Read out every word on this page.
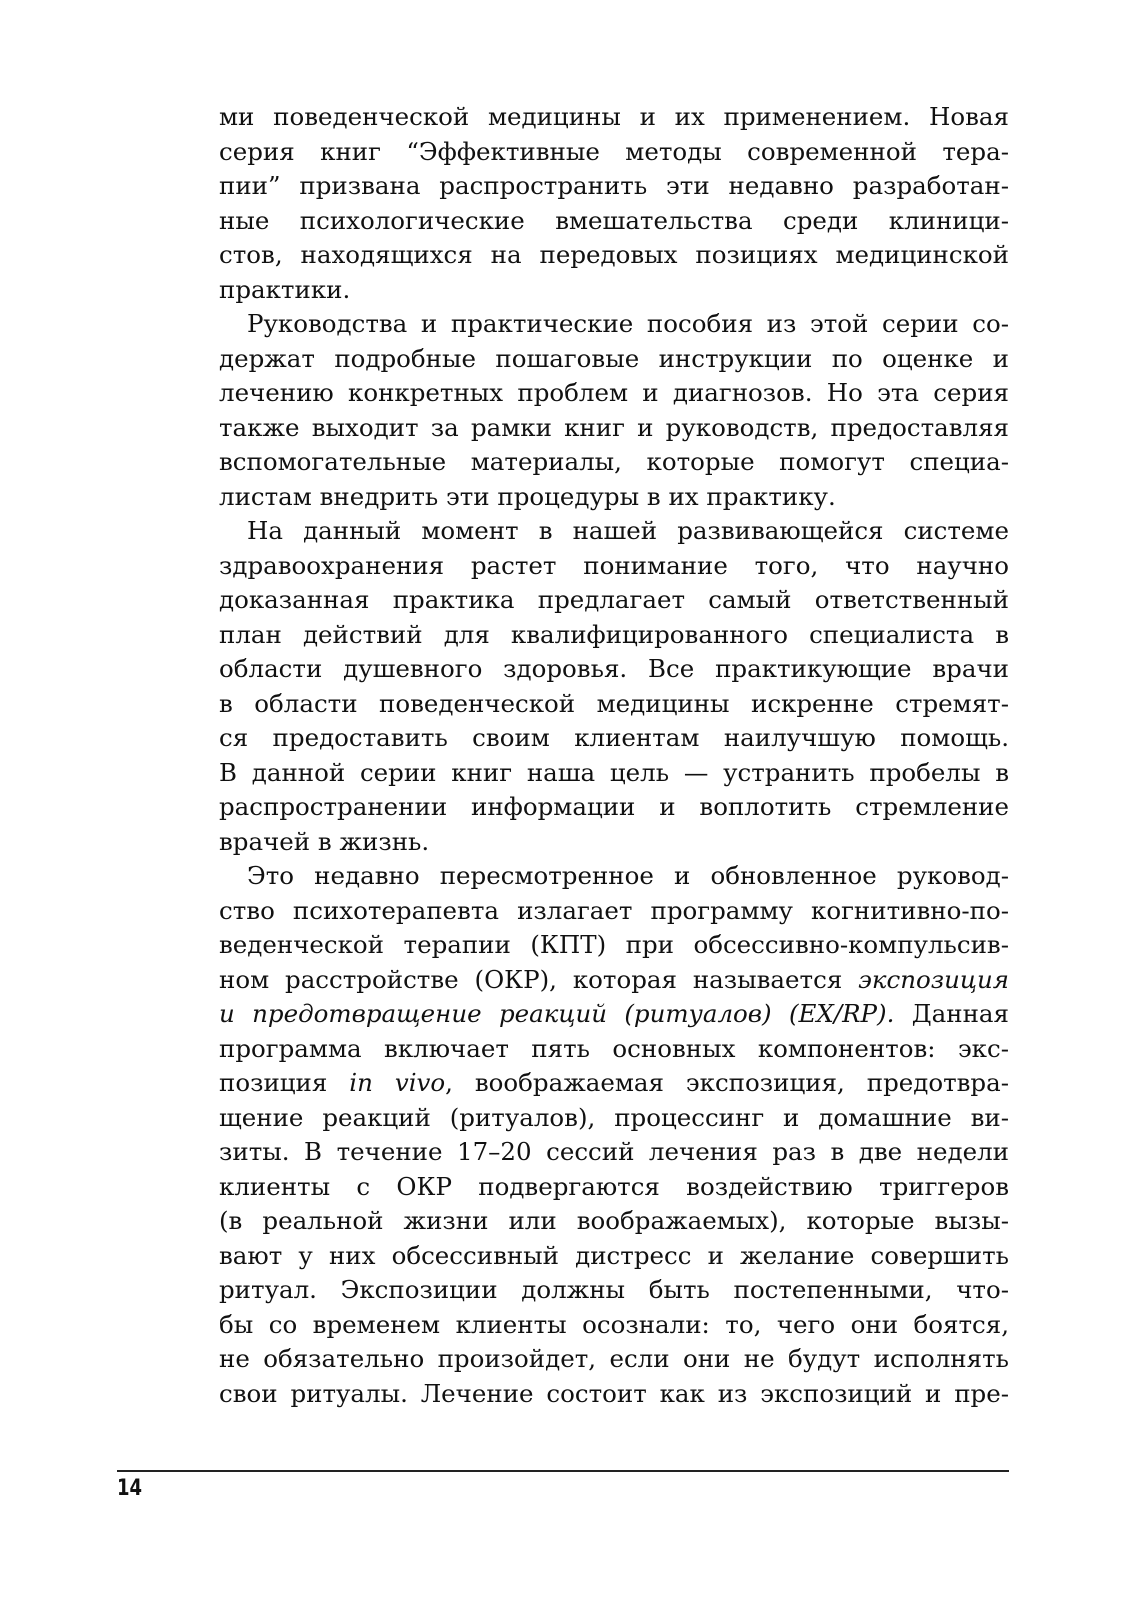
ми поведенческой медицины и их применением. Новая
серия книг “Эффективные методы современной тера-
пии” призвана распространить эти недавно разработан-
ные психологические вмешательства среди клиници-
стов, находящихся на передовых позициях медицинской
практики.
Руководства и практические пособия из этой серии со-
держат подробные пошаговые инструкции по оценке и
лечению конкретных проблем и диагнозов. Но эта серия
также выходит за рамки книг и руководств, предоставляя
вспомогательные материалы, которые помогут специа-
листам внедрить эти процедуры в их практику.
На данный момент в нашей развивающейся системе
здравоохранения растет понимание того, что научно
доказанная практика предлагает самый ответственный
план действий для квалифицированного специалиста в
области душевного здоровья. Все практикующие врачи
в области поведенческой медицины искренне стремят-
ся предоставить своим клиентам наилучшую помощь.
В данной серии книг наша цель — устранить пробелы в
распространении информации и воплотить стремление
врачей в жизнь.
Это недавно пересмотренное и обновленное руковод-
ство психотерапевта излагает программу когнитивно-по-
веденческой терапии (КПТ) при обсессивно-компульсив-
ном расстройстве (ОКР), которая называется экспозиция
и предотвращение реакций (ритуалов) (EX/RP). Данная
программа включает пять основных компонентов: экс-
позиция in vivo, воображаемая экспозиция, предотвра-
щение реакций (ритуалов), процессинг и домашние ви-
зиты. В течение 17–20 сессий лечения раз в две недели
клиенты с ОКР подвергаются воздействию триггеров
(в реальной жизни или воображаемых), которые вызы-
вают у них обсессивный дистресс и желание совершить
ритуал. Экспозиции должны быть постепенными, что-
бы со временем клиенты осознали: то, чего они боятся,
не обязательно произойдет, если они не будут исполнять
свои ритуалы. Лечение состоит как из экспозиций и пре-
14
